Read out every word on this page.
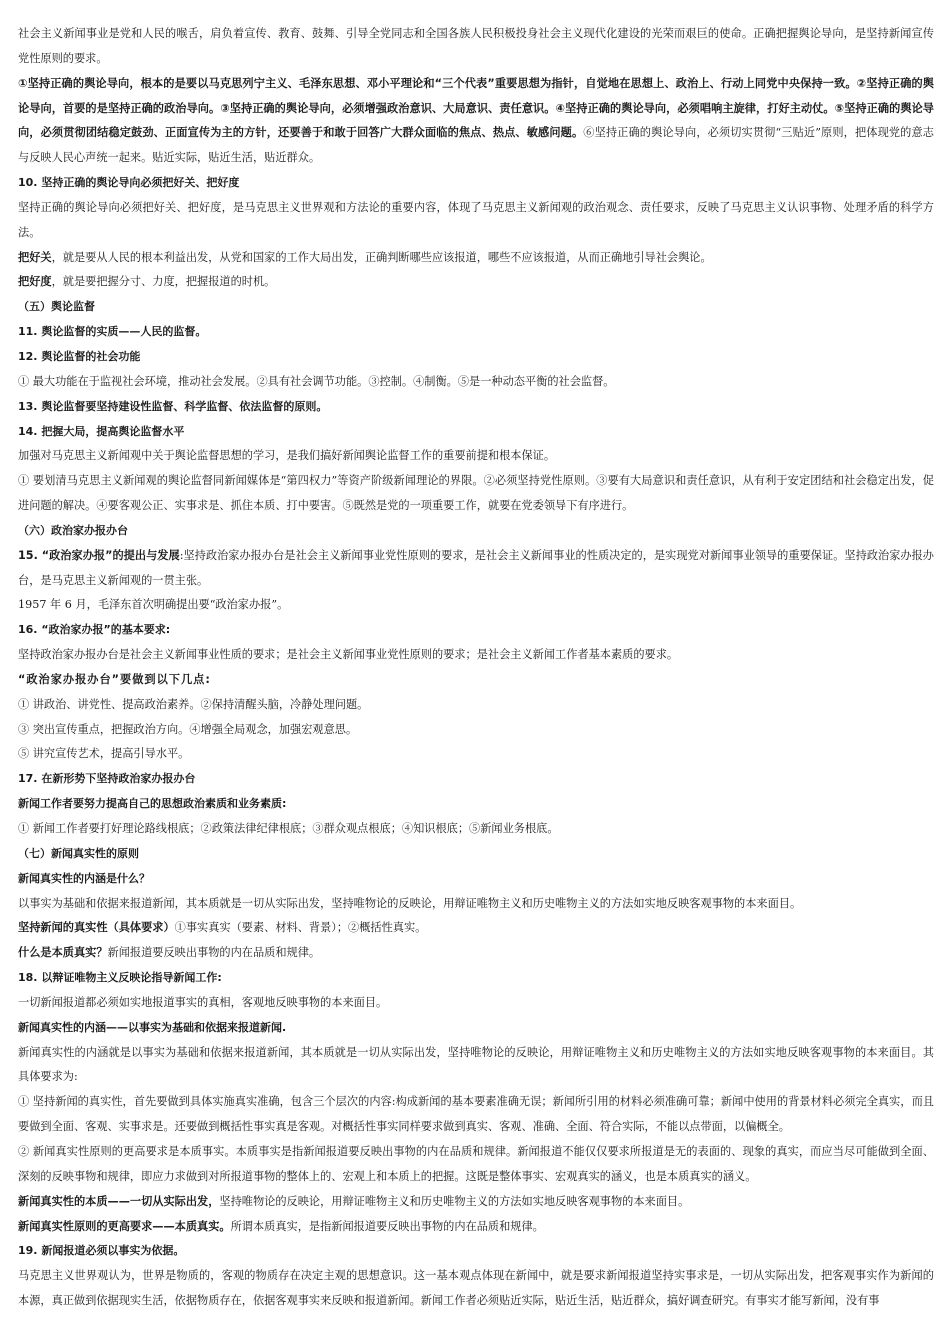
社会主义新闻事业是党和人民的喉舌，肩负着宣传、教育、鼓舞、引导全党同志和全国各族人民积极投身社会主义现代化建设的光荣而艰巨的使命。正确把握舆论导向，是坚持新闻宣传党性原则的要求。

①坚持正确的舆论导向，根本的是要以马克思列宁主义、毛泽东思想、邓小平理论和“三个代表”重要思想为指针，自觉地在思想上、政治上、行动上同党中央保持一致。②坚持正确的舆论导向，首要的是坚持正确的政治导向。③坚持正确的舆论导向，必须增强政治意识、大局意识、责任意识。④坚持正确的舆论导向，必须唱响主旋律，打好主动仗。⑤坚持正确的舆论导向，必须贯彻团结稳定鼓劲、正面宣传为主的方针，还要善于和敢于回答广大群众面临的焦点、热点、敏感问题。⑥坚持正确的舆论导向，必须切实贯彻“三贴近”原则，把体现党的意志与反映人民心声统一起来。贴近实际，贴近生活，贴近群众。

10. 坚持正确的舆论导向必须把好关、把好度

坚持正确的舆论导向必须把好关、把好度，是马克思主义世界观和方法论的重要内容，体现了马克思主义新闻观的政治观念、责任要求，反映了马克思主义认识事物、处理矛盾的科学方法。

把好关，就是要从人民的根本利益出发，从党和国家的工作大局出发，正确判断哪些应该报道，哪些不应该报道，从而正确地引导社会舆论。

把好度，就是要把握分寸、力度，把握报道的时机。

（五）舆论监督

11. 舆论监督的实质——人民的监督。

12. 舆论监督的社会功能

① 最大功能在于监视社会环境，推动社会发展。②具有社会调节功能。③控制。④制衡。⑤是一种动态平衡的社会监督。

13. 舆论监督要坚持建设性监督、科学监督、依法监督的原则。

14. 把握大局，提高舆论监督水平

加强对马克思主义新闻观中关于舆论监督思想的学习，是我们搞好新闻舆论监督工作的重要前提和根本保证。

① 要划清马克思主义新闻观的舆论监督同新闻媒体是“第四权力”等资产阶级新闻理论的界限。②必须坚持党性原则。③要有大局意识和责任意识，从有利于安定团结和社会稳定出发，促进问题的解决。④要客观公正、实事求是、抓住本质、打中要害。⑤既然是党的一项重要工作，就要在党委领导下有序进行。

（六）政治家办报办台

15. “政治家办报”的提出与发展:坚持政治家办报办台是社会主义新闻事业党性原则的要求，是社会主义新闻事业的性质决定的，是实现党对新闻事业领导的重要保证。坚持政治家办报办台，是马克思主义新闻观的一贯主张。

1957 年 6 月，毛泽东首次明确提出要“政治家办报”。

16. “政治家办报”的基本要求:

坚持政治家办报办台是社会主义新闻事业性质的要求；是社会主义新闻事业党性原则的要求；是社会主义新闻工作者基本素质的要求。

“政治家办报办台”要做到以下几点:

① 讲政治、讲党性、提高政治素养。②保持清醒头脑，冷静处理问题。

③ 突出宣传重点，把握政治方向。④增强全局观念，加强宏观意思。

⑤ 讲究宣传艺术，提高引导水平。

17. 在新形势下坚持政治家办报办台

新闻工作者要努力提高自己的思想政治素质和业务素质:

① 新闻工作者要打好理论路线根底；②政策法律纪律根底；③群众观点根底；④知识根底；⑤新闻业务根底。

（七）新闻真实性的原则

新闻真实性的内涵是什么？

以事实为基础和依据来报道新闻，其本质就是一切从实际出发，坚持唯物论的反映论，用辩证唯物主义和历史唯物主义的方法如实地反映客观事物的本来面目。

坚持新闻的真实性（具体要求）①事实真实（要素、材料、背景）；②概括性真实。

什么是本质真实？新闻报道要反映出事物的内在品质和规律。

18. 以辩证唯物主义反映论指导新闻工作:

一切新闻报道都必须如实地报道事实的真相，客观地反映事物的本来面目。

新闻真实性的内涵——以事实为基础和依据来报道新闻.

新闻真实性的内涵就是以事实为基础和依据来报道新闻，其本质就是一切从实际出发，坚持唯物论的反映论，用辩证唯物主义和历史唯物主义的方法如实地反映客观事物的本来面目。其具体要求为:

① 坚持新闻的真实性，首先要做到具体实施真实准确，包含三个层次的内容:构成新闻的基本要素准确无误；新闻所引用的材料必须准确可靠；新闻中使用的背景材料必须完全真实，而且要做到全面、客观、实事求是。还要做到概括性事实真是客观。对概括性事实同样要求做到真实、客观、准确、全面、符合实际，不能以点带面，以偏概全。

② 新闻真实性原则的更高要求是本质事实。本质事实是指新闻报道要反映出事物的内在品质和规律。新闻报道不能仅仅要求所报道是无的表面的、现象的真实，而应当尽可能做到全面、深刻的反映事物和规律，即应力求做到对所报道事物的整体上的、宏观上和本质上的把握。这既是整体事实、宏观真实的涵义，也是本质真实的涵义。

新闻真实性的本质——一切从实际出发，坚持唯物论的反映论，用辩证唯物主义和历史唯物主义的方法如实地反映客观事物的本来面目。

新闻真实性原则的更高要求——本质真实。所谓本质真实，是指新闻报道要反映出事物的内在品质和规律。

19. 新闻报道必须以事实为依据。

马克思主义世界观认为，世界是物质的，客观的物质存在决定主观的思想意识。这一基本观点体现在新闻中，就是要求新闻报道坚持实事求是，一切从实际出发，把客观事实作为新闻的本源，真正做到依据现实生活，依据物质存在，依据客观事实来反映和报道新闻。新闻工作者必须贴近实际，贴近生活，贴近群众，搞好调查研究。有事实才能写新闻，没有事
